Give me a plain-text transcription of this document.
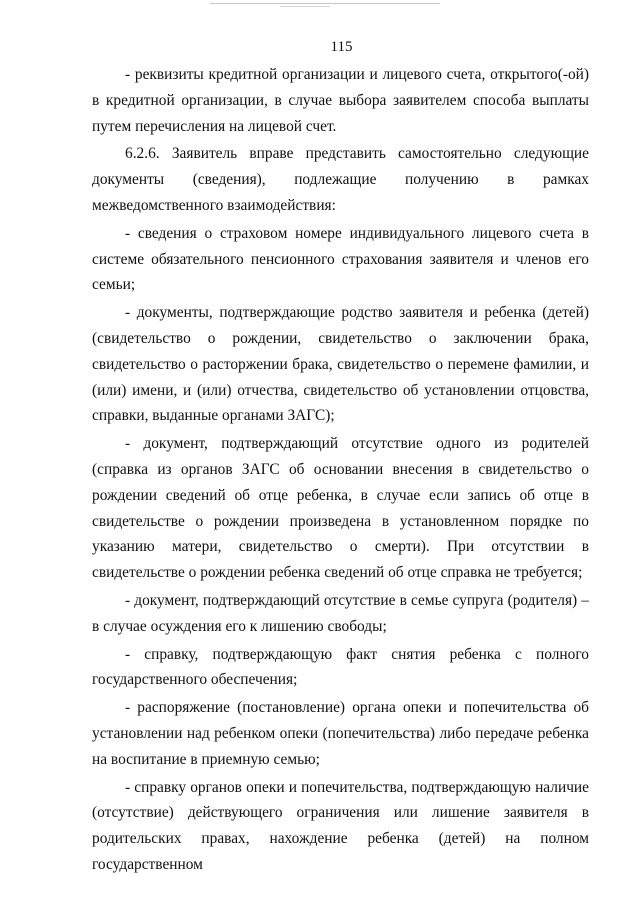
115

- реквизиты кредитной организации и лицевого счета, открытого(-ой) в кредитной организации, в случае выбора заявителем способа выплаты путем перечисления на лицевой счет.

6.2.6. Заявитель вправе представить самостоятельно следующие документы (сведения), подлежащие получению в рамках межведомственного взаимодействия:

- сведения о страховом номере индивидуального лицевого счета в системе обязательного пенсионного страхования заявителя и членов его семьи;

- документы, подтверждающие родство заявителя и ребенка (детей) (свидетельство о рождении, свидетельство о заключении брака, свидетельство о расторжении брака, свидетельство о перемене фамилии, и (или) имени, и (или) отчества, свидетельство об установлении отцовства, справки, выданные органами ЗАГС);

- документ, подтверждающий отсутствие одного из родителей (справка из органов ЗАГС об основании внесения в свидетельство о рождении сведений об отце ребенка, в случае если запись об отце в свидетельстве о рождении произведена в установленном порядке по указанию матери, свидетельство о смерти). При отсутствии в свидетельстве о рождении ребенка сведений об отце справка не требуется;

- документ, подтверждающий отсутствие в семье супруга (родителя) – в случае осуждения его к лишению свободы;

- справку, подтверждающую факт снятия ребенка с полного государственного обеспечения;

- распоряжение (постановление) органа опеки и попечительства об установлении над ребенком опеки (попечительства) либо передаче ребенка на воспитание в приемную семью;

- справку органов опеки и попечительства, подтверждающую наличие (отсутствие) действующего ограничения или лишение заявителя в родительских правах, нахождение ребенка (детей) на полном государственном
